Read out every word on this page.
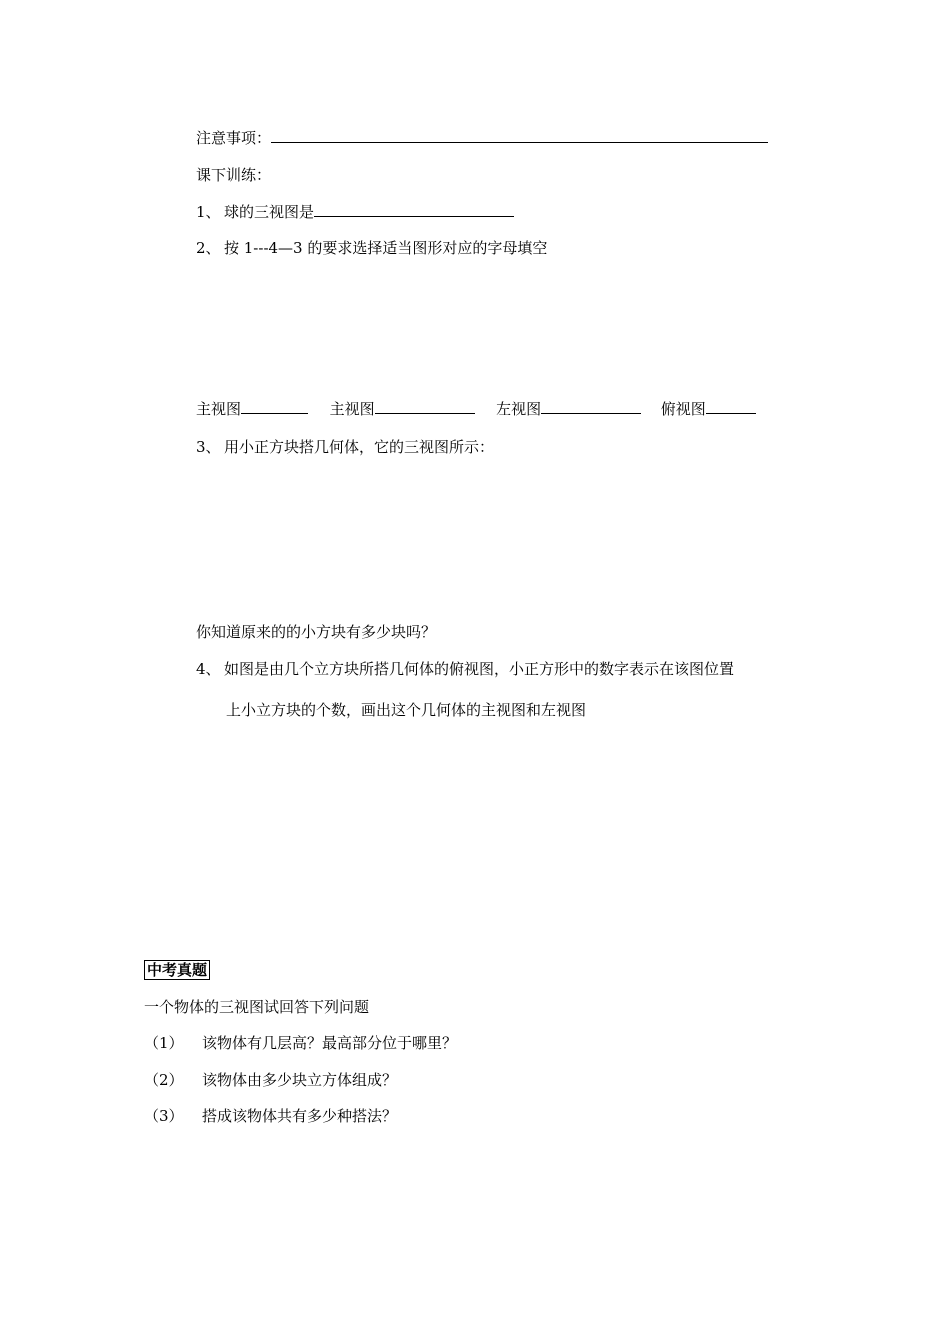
注意事项：
课下训练：
1、 球的三视图是
2、 按 1---4—3 的要求选择适当图形对应的字母填空
主视图	主视图	左视图	俯视图
3、 用小正方块搭几何体，它的三视图所示：
你知道原来的的小方块有多少块吗？
4、 如图是由几个立方块所搭几何体的俯视图，小正方形中的数字表示在该图位置
上小立方块的个数，画出这个几何体的主视图和左视图
中考真题
一个物体的三视图试回答下列问题
（1） 该物体有几层高？最高部分位于哪里？
（2） 该物体由多少块立方体组成？
（3） 搭成该物体共有多少种搭法？
